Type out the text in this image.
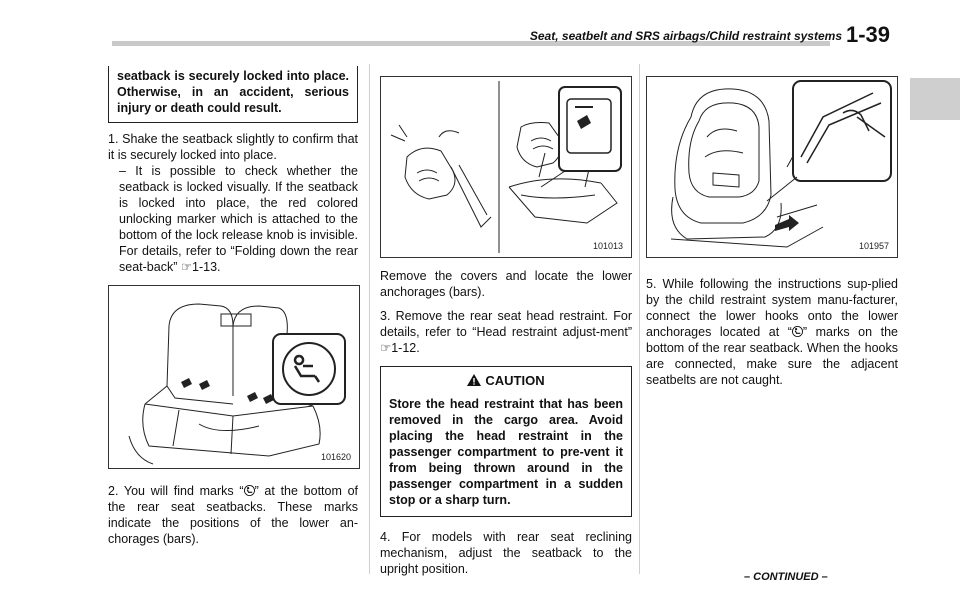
Seat, seatbelt and SRS airbags/Child restraint systems 1-39
seatback is securely locked into place. Otherwise, in an accident, serious injury or death could result.

1. Shake the seatback slightly to confirm that it is securely locked into place.

– It is possible to check whether the seatback is locked visually. If the seatback is locked into place, the red colored unlocking marker which is attached to the bottom of the lock release knob is invisible. For details, refer to “Folding down the rear seat-back” ☞1-13.

101620

2. You will find marks “ ” at the bottom of the rear seat seatbacks. These marks indicate the positions of the lower an-chorages (bars).

101013

Remove the covers and locate the lower anchorages (bars).

3. Remove the rear seat head restraint. For details, refer to “Head restraint adjust-ment” ☞1-12.

CAUTION
Store the head restraint that has been removed in the cargo area. Avoid placing the head restraint in the passenger compartment to pre-vent it from being thrown around in the passenger compartment in a sudden stop or a sharp turn.

4. For models with rear seat reclining mechanism, adjust the seatback to the upright position.

101957

5. While following the instructions sup-plied by the child restraint system manu-facturer, connect the lower hooks onto the lower anchorages located at “ ” marks on the bottom of the rear seatback. When the hooks are connected, make sure the adjacent seatbelts are not caught.

– CONTINUED –
